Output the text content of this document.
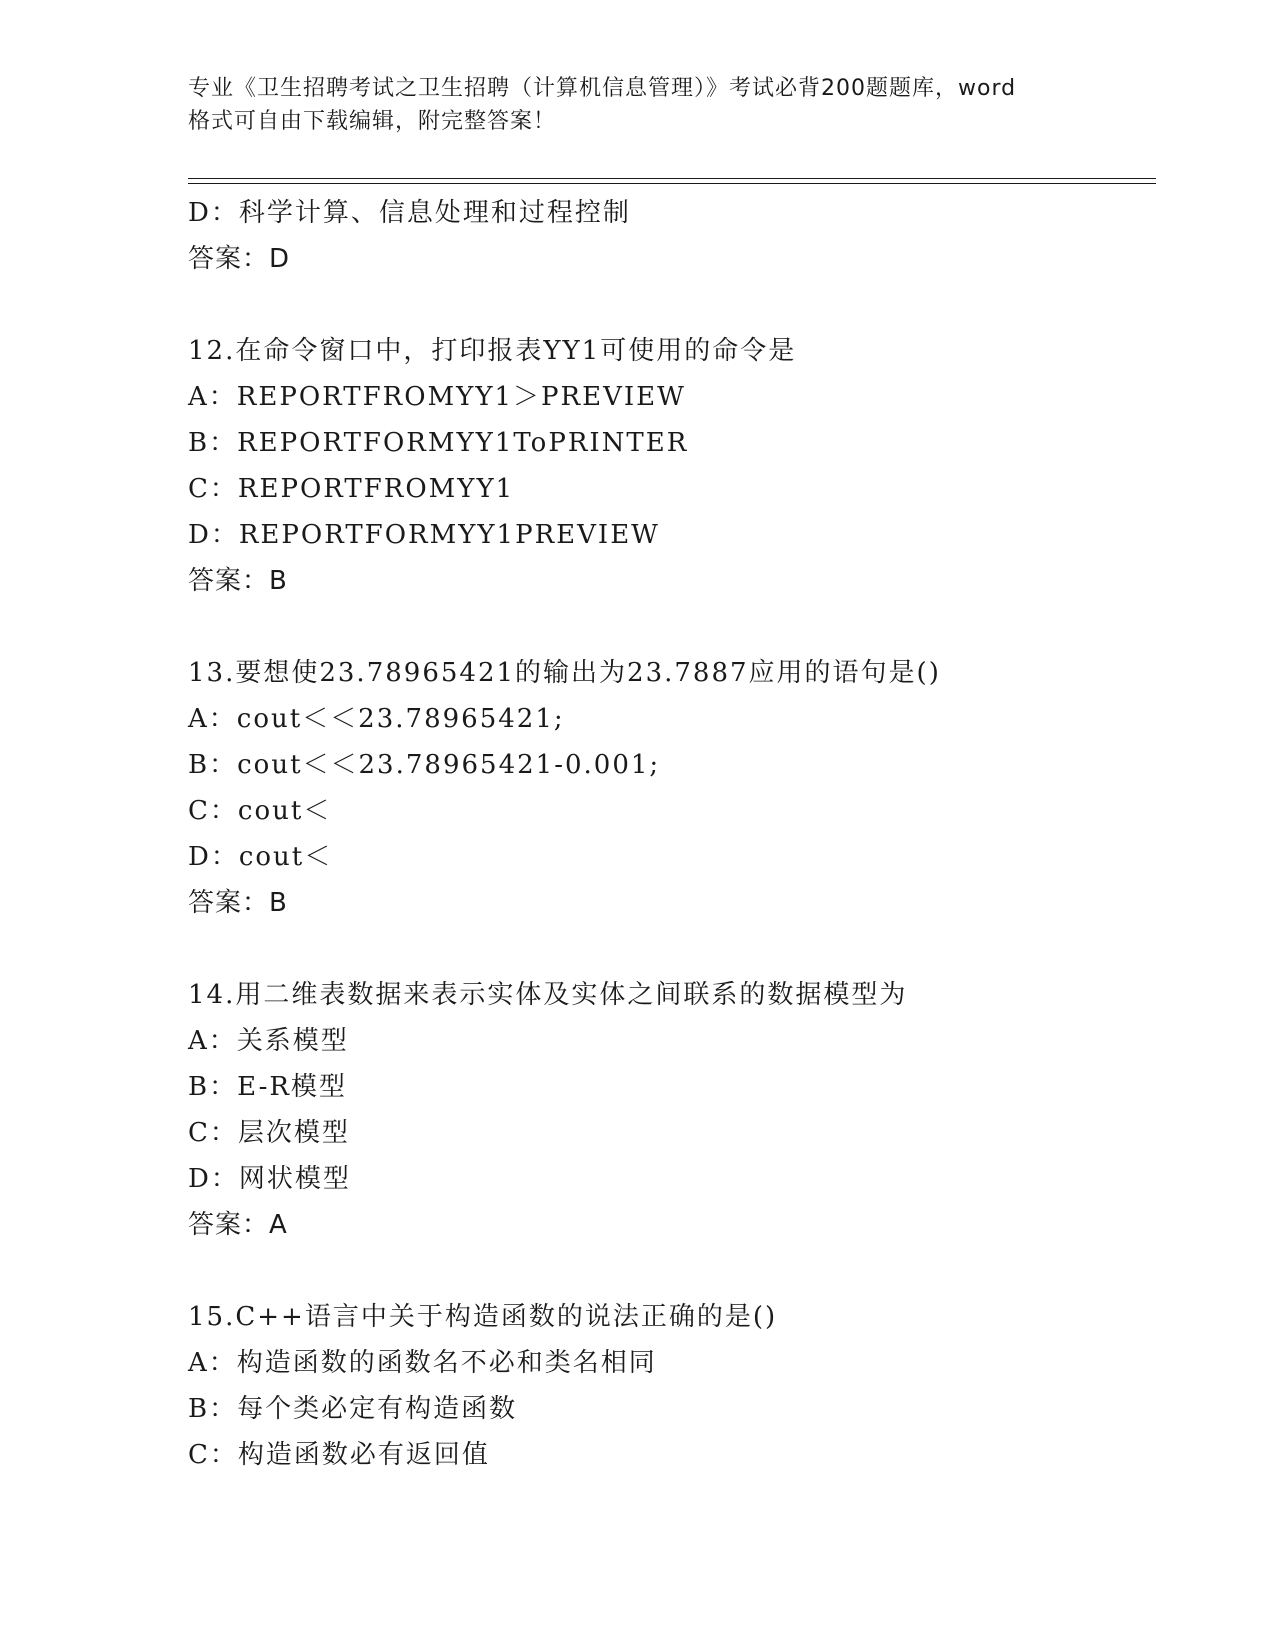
专业《卫生招聘考试之卫生招聘（计算机信息管理）》考试必背200题题库，word
格式可自由下载编辑，附完整答案！
D：科学计算、信息处理和过程控制
答案：D
12.在命令窗口中，打印报表YY1可使用的命令是
A：REPORTFROMYY1＞PREVIEW
B：REPORTFORMYY1ToPRINTER
C：REPORTFROMYY1
D：REPORTFORMYY1PREVIEW
答案：B
13.要想使23.78965421的输出为23.7887应用的语句是()
A：cout＜＜23.78965421;
B：cout＜＜23.78965421-0.001;
C：cout＜
D：cout＜
答案：B
14.用二维表数据来表示实体及实体之间联系的数据模型为
A：关系模型
B：E-R模型
C：层次模型
D：网状模型
答案：A
15.C++语言中关于构造函数的说法正确的是()
A：构造函数的函数名不必和类名相同
B：每个类必定有构造函数
C：构造函数必有返回值
